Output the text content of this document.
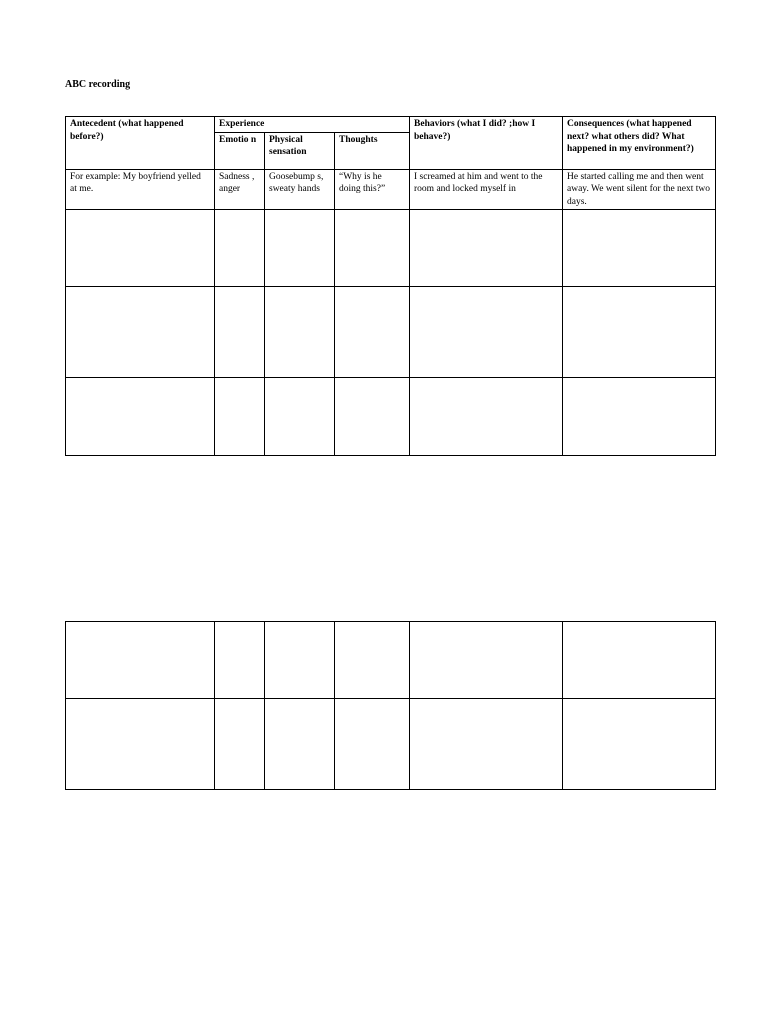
ABC recording
Antecedent (what happened before?)	Experience			Behaviors (what I did? ;how I behave?)	Consequences (what happened next? what others did? What happened in my environment?)
	Emotio n	Physical sensation	Thoughts		
For example: My boyfriend yelled at me.	Sadness , anger	Goosebump s, sweaty hands	“Why is he doing this?”	I screamed at him and went to the room and locked myself in	He started calling me and then went away. We went silent for the next two days.
